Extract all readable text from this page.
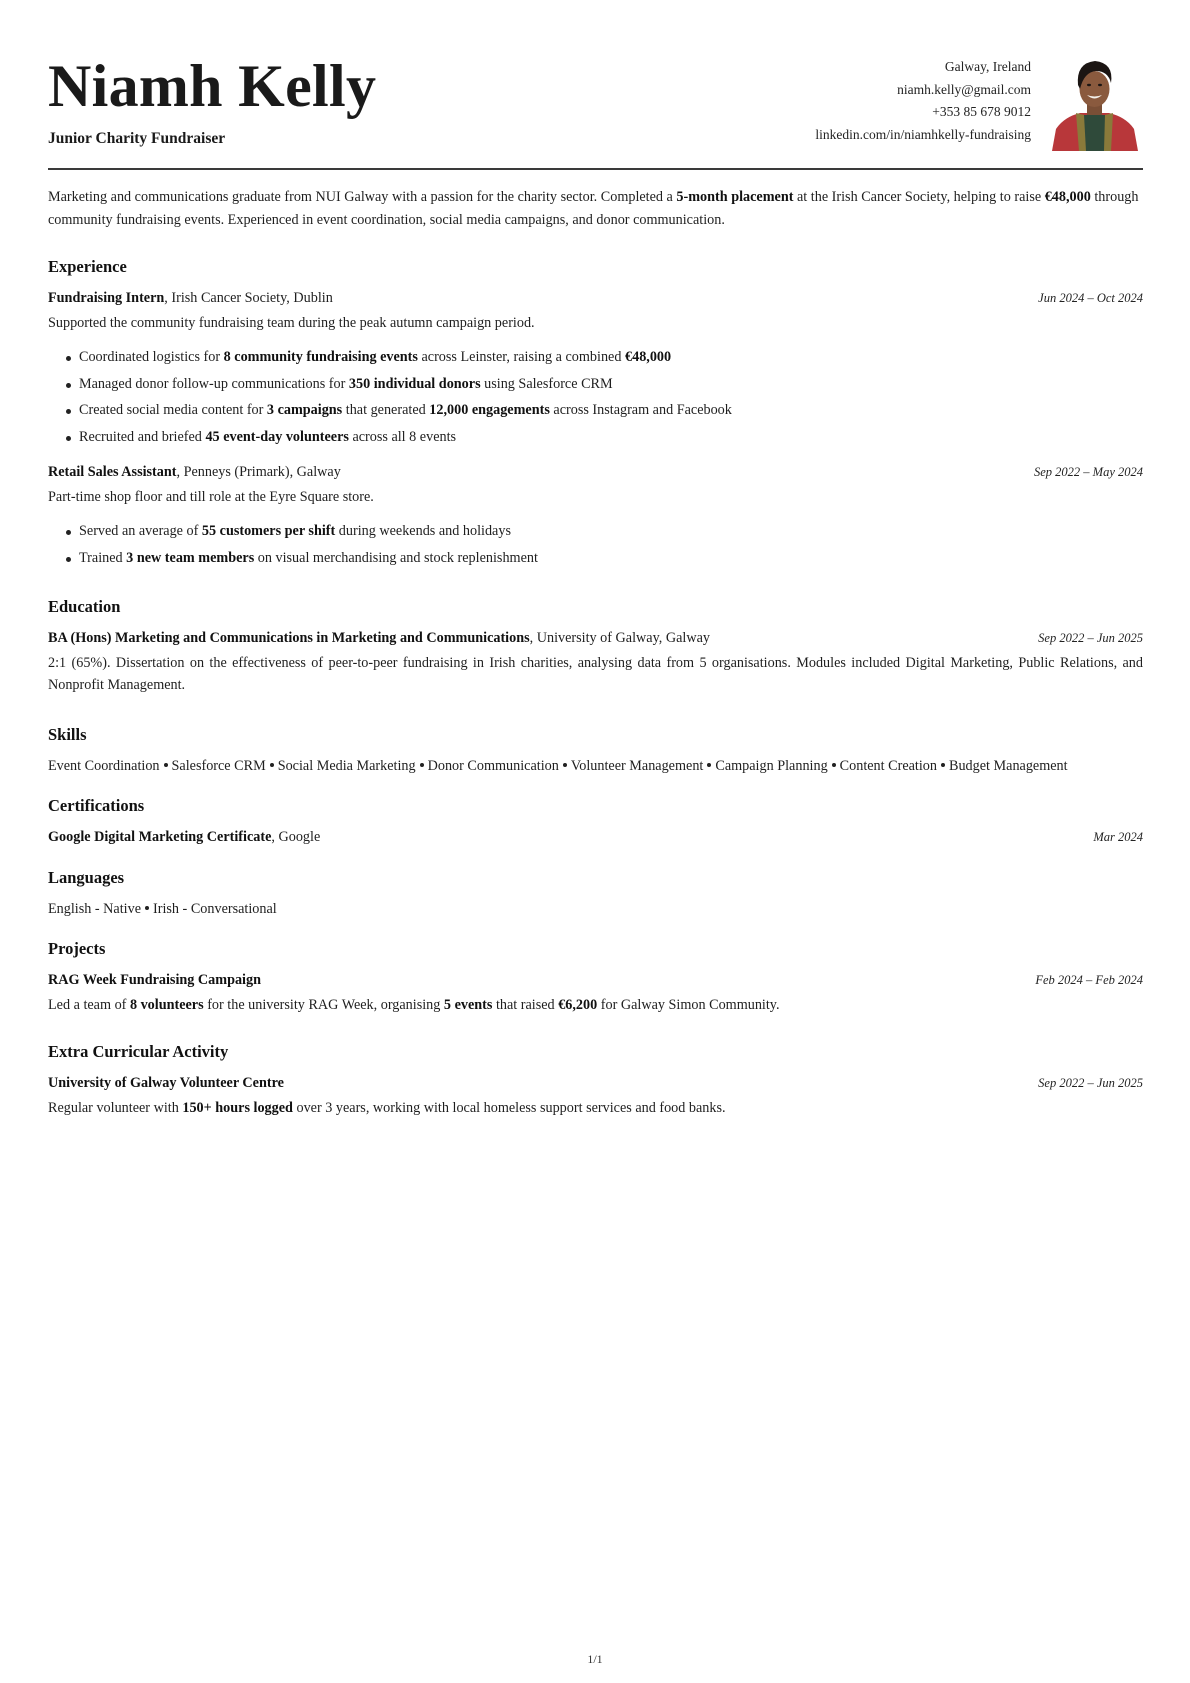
Niamh Kelly
Junior Charity Fundraiser
Galway, Ireland
niamh.kelly@gmail.com
+353 85 678 9012
linkedin.com/in/niamhkelly-fundraising

Marketing and communications graduate from NUI Galway with a passion for the charity sector. Completed a 5-month placement at the Irish Cancer Society, helping to raise €48,000 through community fundraising events. Experienced in event coordination, social media campaigns, and donor communication.

Experience
Fundraising Intern, Irish Cancer Society, Dublin	Jun 2024 – Oct 2024
Supported the community fundraising team during the peak autumn campaign period.
Coordinated logistics for 8 community fundraising events across Leinster, raising a combined €48,000
Managed donor follow-up communications for 350 individual donors using Salesforce CRM
Created social media content for 3 campaigns that generated 12,000 engagements across Instagram and Facebook
Recruited and briefed 45 event-day volunteers across all 8 events
Retail Sales Assistant, Penneys (Primark), Galway	Sep 2022 – May 2024
Part-time shop floor and till role at the Eyre Square store.
Served an average of 55 customers per shift during weekends and holidays
Trained 3 new team members on visual merchandising and stock replenishment
Education
BA (Hons) Marketing and Communications in Marketing and Communications, University of Galway, Galway	Sep 2022 – Jun 2025
2:1 (65%). Dissertation on the effectiveness of peer-to-peer fundraising in Irish charities, analysing data from 5 organisations. Modules included Digital Marketing, Public Relations, and Nonprofit Management.
Skills
Event Coordination Salesforce CRM Social Media Marketing Donor Communication Volunteer Management Campaign Planning Content Creation Budget Management
Certifications
Google Digital Marketing Certificate, Google	Mar 2024
Languages
English - Native Irish - Conversational
Projects
RAG Week Fundraising Campaign	Feb 2024 – Feb 2024
Led a team of 8 volunteers for the university RAG Week, organising 5 events that raised €6,200 for Galway Simon Community.
Extra Curricular Activity
University of Galway Volunteer Centre	Sep 2022 – Jun 2025
Regular volunteer with 150+ hours logged over 3 years, working with local homeless support services and food banks.
1/1
